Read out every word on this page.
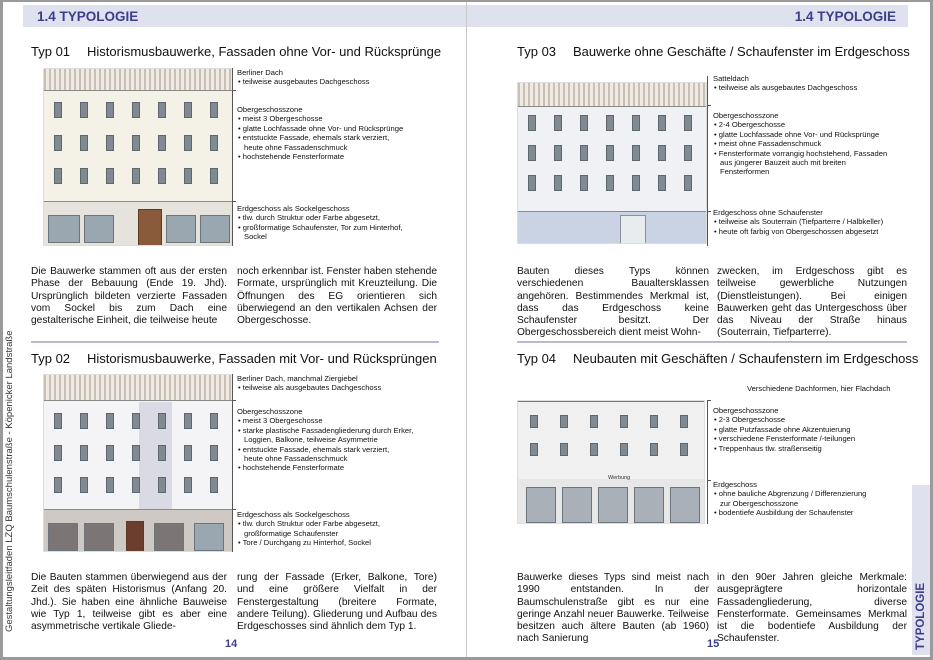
1.4 TYPOLOGIE
Gestaltungsleitfaden LZQ Baumschulenstraße - Köpenicker Landstraße
Typ 01 Historismusbauwerke, Fassaden ohne Vor- und Rücksprünge
Berliner Dach
• teilweise ausgebautes Dachgeschoss
Obergeschosszone
• meist 3 Obergeschosse
• glatte Lochfassade ohne Vor- und Rücksprünge
• entstuckte Fassade, ehemals stark verziert, heute ohne Fassadenschmuck
• hochstehende Fensterformate
Erdgeschoss als Sockelgeschoss
• tlw. durch Struktur oder Farbe abgesetzt,
• großformatige Schaufenster, Tor zum Hinterhof, Sockel
Die Bauwerke stammen oft aus der ersten Phase der Bebauung (Ende 19. Jhd). Ursprünglich bildeten verzierte Fassaden vom Sockel bis zum Dach eine gestalterische Einheit, die teilweise heute
noch erkennbar ist. Fenster haben stehende Formate, ursprünglich mit Kreuzteilung. Die Öffnungen des EG orientieren sich überwiegend an den vertikalen Achsen der Obergeschosse.
Typ 02 Historismusbauwerke, Fassaden mit Vor- und Rücksprüngen
Berliner Dach, manchmal Ziergiebel
• teilweise als ausgebautes Dachgeschoss
Obergeschosszone
• meist 3 Obergeschosse
• starke plastische Fassadengliederung durch Erker, Loggien, Balkone, teilweise Asymmetrie
• entstuckte Fassade, ehemals stark verziert, heute ohne Fassadenschmuck
• hochstehende Fensterformate
Erdgeschoss als Sockelgeschoss
• tlw. durch Struktur oder Farbe abgesetzt, großformatige Schaufenster
• Tore / Durchgang zu Hinterhof, Sockel
Die Bauten stammen überwiegend aus der Zeit des späten Historismus (Anfang 20. Jhd.). Sie haben eine ähnliche Bauweise wie Typ 1, teilweise gibt es aber eine asymmetrische vertikale Gliede-
rung der Fassade (Erker, Balkone, Tore) und eine größere Vielfalt in der Fenstergestaltung (breitere Formate, andere Teilung). Gliederung und Aufbau des Erdgeschosses sind ähnlich dem Typ 1.
14
1.4 TYPOLOGIE
Typ 03 Bauwerke ohne Geschäfte / Schaufenster im Erdgeschoss
Satteldach
• teilweise als ausgebautes Dachgeschoss
Obergeschosszone
• 2-4 Obergeschosse
• glatte Lochfassade ohne Vor- und Rücksprünge
• meist ohne Fassadenschmuck
• Fensterformate vorrangig hochstehend, Fassaden aus jüngerer Bauzeit auch mit breiten Fensterformen
Erdgeschoss ohne Schaufenster
• teilweise als Souterrain (Tiefparterre / Halbkeller)
• heute oft farbig von Obergeschossen abgesetzt
Bauten dieses Typs können verschiedenen Baualtersklassen angehören. Bestimmendes Merkmal ist, dass das Erdgeschoss keine Schaufenster besitzt. Der Obergeschossbereich dient meist Wohn-
zwecken, im Erdgeschoss gibt es teilweise gewerbliche Nutzungen (Dienstleistungen). Bei einigen Bauwerken geht das Untergeschoss über das Niveau der Straße hinaus (Souterrain, Tiefparterre).
Typ 04 Neubauten mit Geschäften / Schaufenstern im Erdgeschoss
Werbung
Verschiedene Dachformen, hier Flachdach
Obergeschosszone
• 2-3 Obergeschosse
• glatte Putzfassade ohne Akzentuierung
• verschiedene Fensterformate /-teilungen
• Treppenhaus tlw. straßenseitig
Erdgeschoss
• ohne bauliche Abgrenzung / Differenzierung zur Obergeschosszone
• bodentiefe Ausbildung der Schaufenster
Bauwerke dieses Typs sind meist nach 1990 entstanden. In der Baumschulenstraße gibt es nur eine geringe Anzahl neuer Bauwerke. Teilweise besitzen auch ältere Bauten (ab 1960) nach Sanierung
in den 90er Jahren gleiche Merkmale: ausgeprägtere horizontale Fassadengliederung, diverse Fensterformate. Gemeinsames Merkmal ist die bodentiefe Ausbildung der Schaufenster.
15	TYPOLOGIE
